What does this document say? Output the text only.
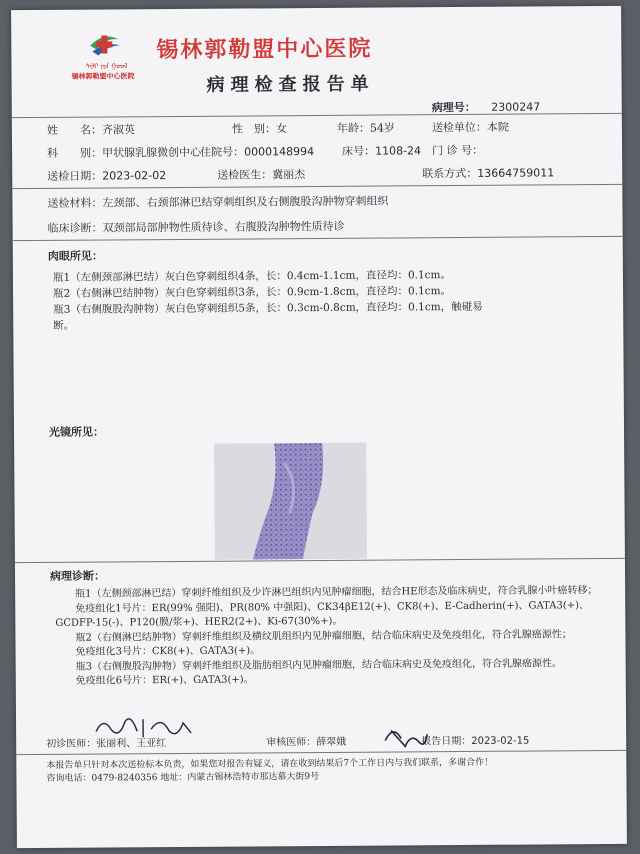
ᠰᠢᠯᠢ ᠶᠢᠨ ᠭᠣᠣᠯ
锡林郭勒盟中心医院
锡林郭勒盟中心医院
病理检查报告单
病理号： 2300247
姓　　名：齐淑英	性　别：女	年龄：54岁	送检单位：本院
科　　别：甲状腺乳腺微创中心
住院号：0000148994	床号：1108-24 门 诊 号：
送检日期：2023-02-02	送检医生：冀丽杰	联系方式：13664759011
送检材料：左颈部、右颈部淋巴结穿刺组织及右侧腹股沟肿物穿刺组织
临床诊断：双颈部局部肿物性质待诊、右腹股沟肿物性质待诊
肉眼所见：
瓶1（左侧颈部淋巴结）灰白色穿刺组织4条，长：0.4cm-1.1cm，直径均：0.1cm。
瓶2（右侧淋巴结肿物）灰白色穿刺组织3条，长：0.9cm-1.8cm，直径均：0.1cm。
瓶3（右侧腹股沟肿物）灰白色穿刺组织5条，长：0.3cm-0.8cm，直径均：0.1cm，触碰易
断。
光镜所见：
病理诊断：

瓶1（左侧颈部淋巴结）穿刺纤维组织及少许淋巴组织内见肿瘤细胞，结合HE形态及临床病史，符合乳腺小叶癌转移；

免疫组化1号片：ER(99% 强阳)、PR(80% 中强阳)、CK34βE12(+)、CK8(+)、E-Cadherin(+)、GATA3(+)、GCDFP-15(-)、P120(膜/浆+)、HER2(2+)、Ki-67(30%+)。

瓶2（右侧淋巴结肿物）穿刺纤维组织及横纹肌组织内见肿瘤细胞，结合临床病史及免疫组化，符合乳腺癌源性；

免疫组化3号片：CK8(+)、GATA3(+)。

瓶3（右侧腹股沟肿物）穿刺纤维组织及脂肪组织内见肿瘤细胞，结合临床病史及免疫组化，符合乳腺癌源性。

免疫组化6号片：ER(+)、GATA3(+)。

初诊医师：张丽利、王亚红	审核医师：薛翠娥	报告日期：2023-02-15
本报告单只针对本次送检标本负责，如果您对报告有疑义，请在收到结果后7个工作日内与我们联系，多谢合作！
咨询电话：0479-8240356 地址：内蒙古锡林浩特市那达慕大街9号
